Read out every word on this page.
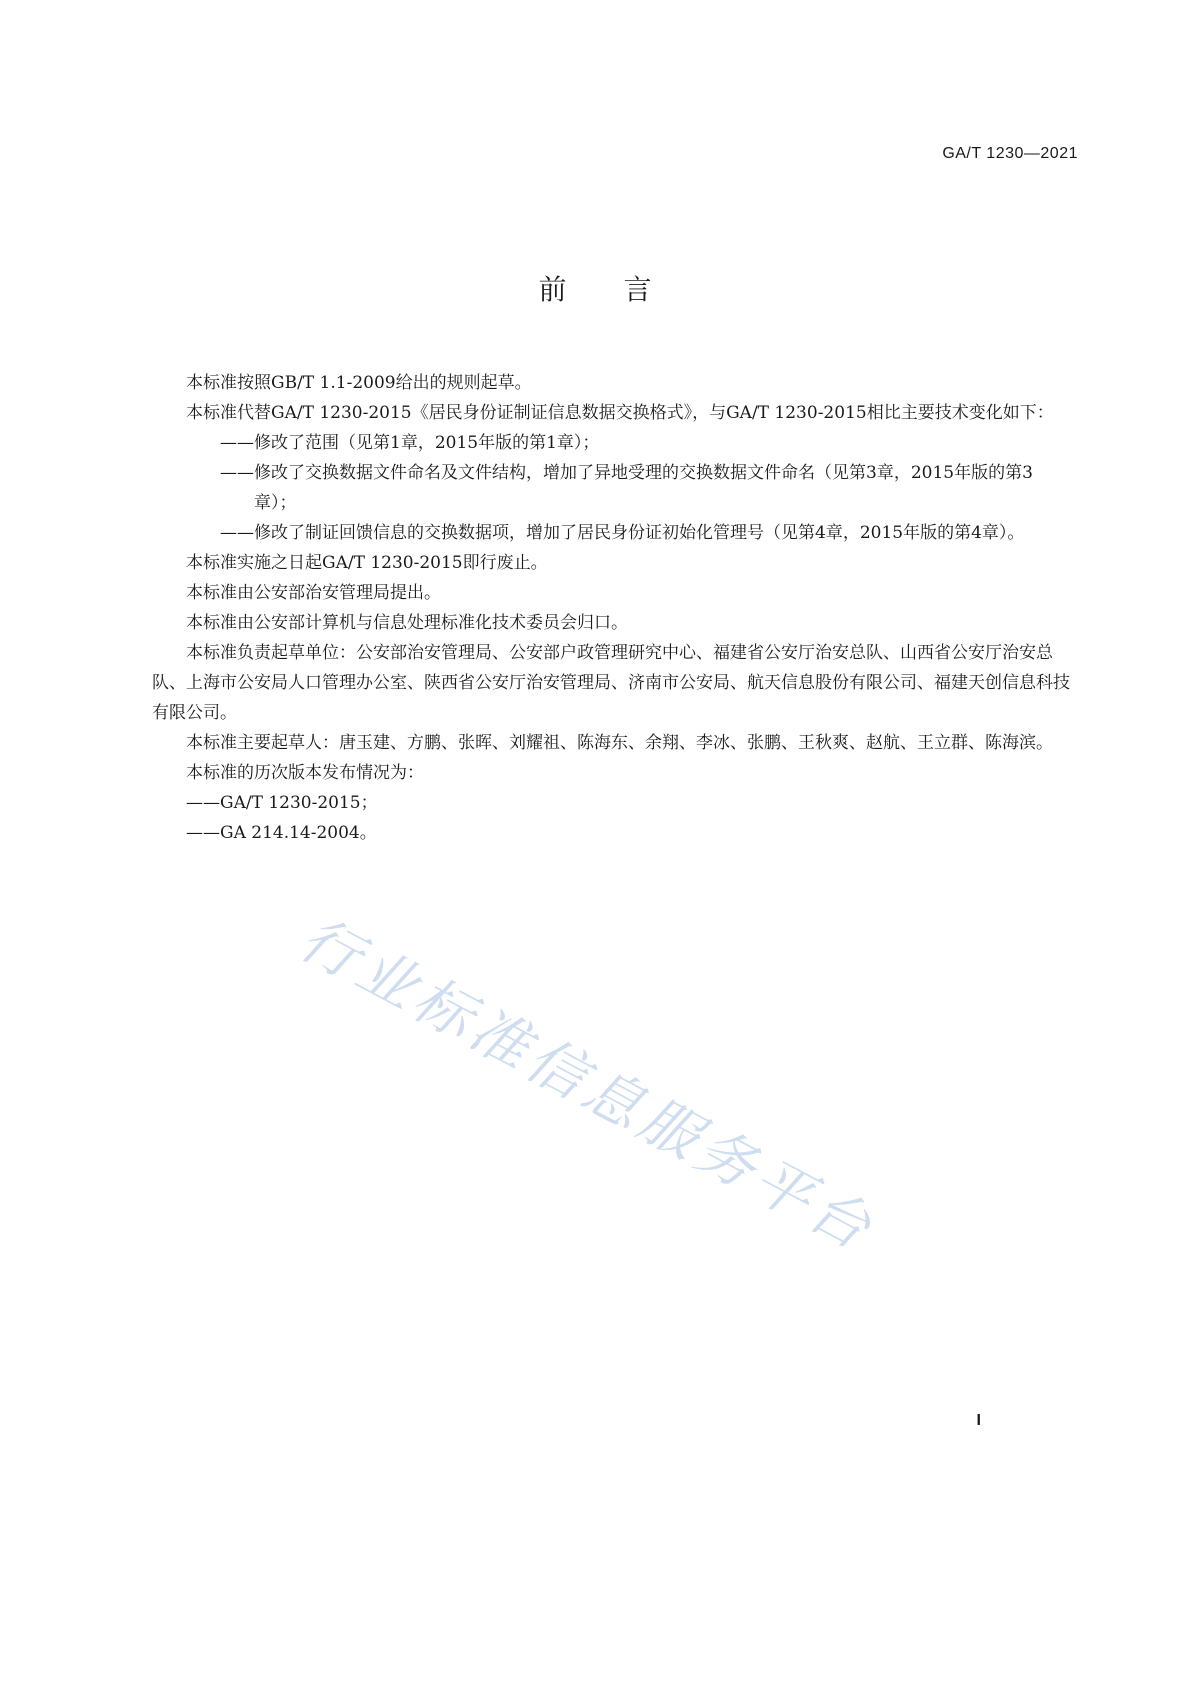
GA/T 1230—2021
前 言

本标准按照GB/T 1.1-2009给出的规则起草。

本标准代替GA/T 1230-2015《居民身份证制证信息数据交换格式》，与GA/T 1230-2015相比主要技术变化如下：

——修改了范围（见第1章，2015年版的第1章）；

——修改了交换数据文件命名及文件结构，增加了异地受理的交换数据文件命名（见第3章，2015年版的第3章）；

——修改了制证回馈信息的交换数据项，增加了居民身份证初始化管理号（见第4章，2015年版的第4章）。

本标准实施之日起GA/T 1230-2015即行废止。

本标准由公安部治安管理局提出。

本标准由公安部计算机与信息处理标准化技术委员会归口。

本标准负责起草单位：公安部治安管理局、公安部户政管理研究中心、福建省公安厅治安总队、山西省公安厅治安总队、上海市公安局人口管理办公室、陕西省公安厅治安管理局、济南市公安局、航天信息股份有限公司、福建天创信息科技有限公司。

本标准主要起草人：唐玉建、方鹏、张晖、刘耀祖、陈海东、余翔、李冰、张鹏、王秋爽、赵航、王立群、陈海滨。

本标准的历次版本发布情况为：

——GA/T 1230-2015；

——GA 214.14-2004。

行业标准信息服务平台
I
